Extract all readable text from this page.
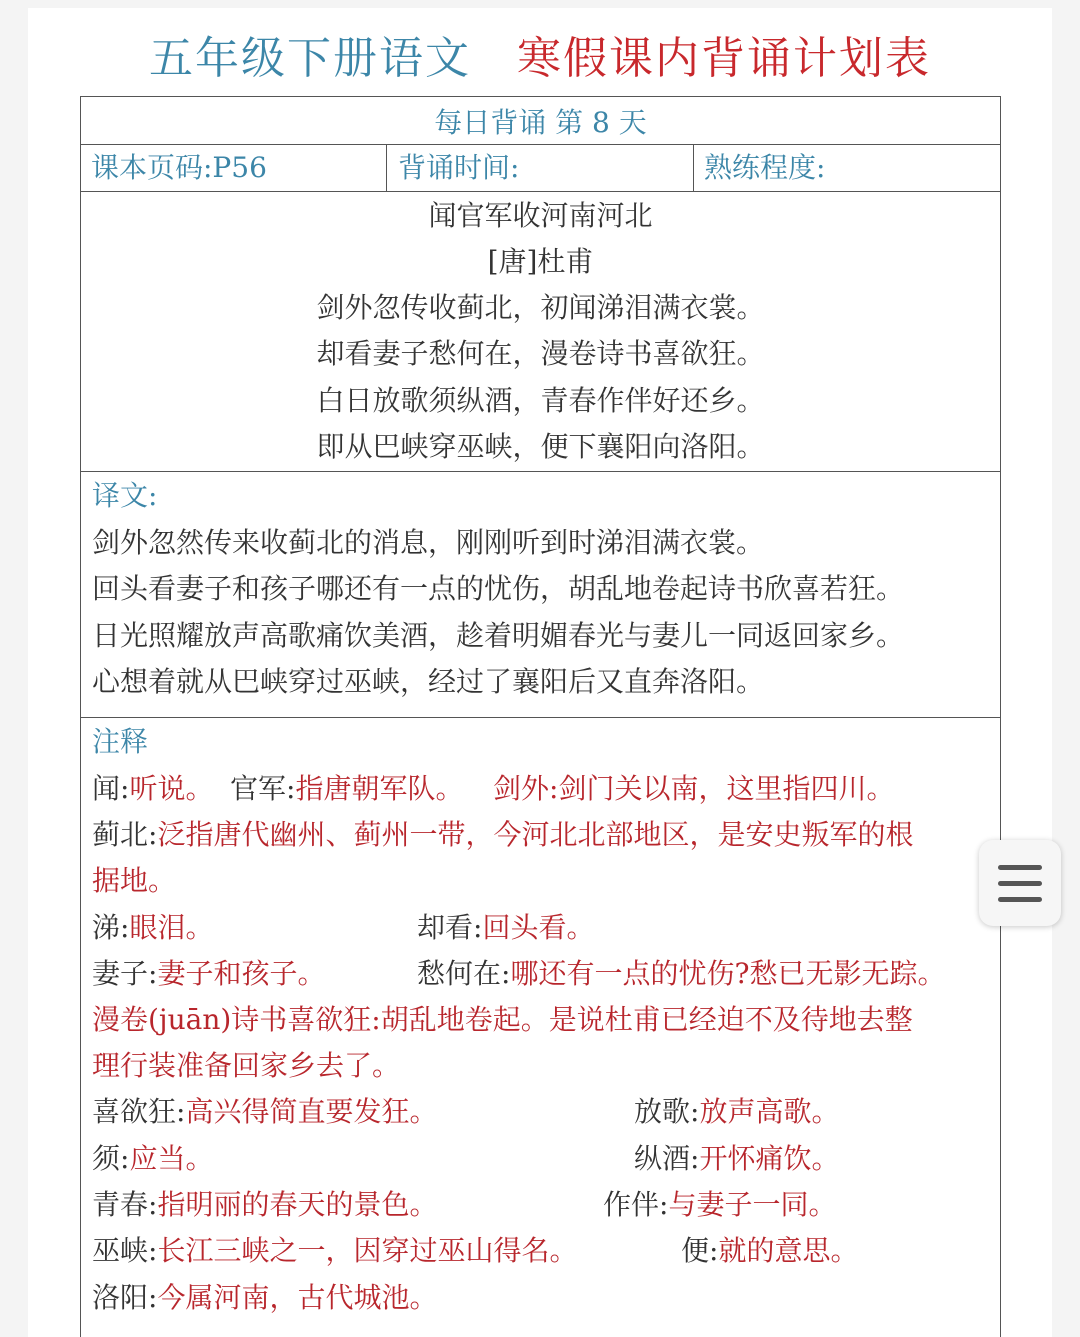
五年级下册语文 寒假课内背诵计划表
每日背诵 第 8 天
课本页码:P56	背诵时间:	熟练程度:
闻官军收河南河北
[唐]杜甫
剑外忽传收蓟北，初闻涕泪满衣裳。
却看妻子愁何在，漫卷诗书喜欲狂。
白日放歌须纵酒，青春作伴好还乡。
即从巴峡穿巫峡，便下襄阳向洛阳。
译文:
剑外忽然传来收蓟北的消息，刚刚听到时涕泪满衣裳。
回头看妻子和孩子哪还有一点的忧伤，胡乱地卷起诗书欣喜若狂。
日光照耀放声高歌痛饮美酒，趁着明媚春光与妻儿一同返回家乡。
心想着就从巴峡穿过巫峡，经过了襄阳后又直奔洛阳。
注释
闻:听说。 官军:指唐朝军队。 剑外:剑门关以南，这里指四川。
蓟北:泛指唐代幽州、蓟州一带，今河北北部地区，是安史叛军的根
据地。
涕:眼泪。	却看:回头看。
妻子:妻子和孩子。	愁何在:哪还有一点的忧伤?愁已无影无踪。
漫卷(juān)诗书喜欲狂:胡乱地卷起。是说杜甫已经迫不及待地去整
理行装准备回家乡去了。
喜欲狂:高兴得简直要发狂。	放歌:放声高歌。
须:应当。	纵酒:开怀痛饮。
青春:指明丽的春天的景色。	作伴:与妻子一同。
巫峡:长江三峡之一，因穿过巫山得名。	便:就的意思。
洛阳:今属河南，古代城池。
